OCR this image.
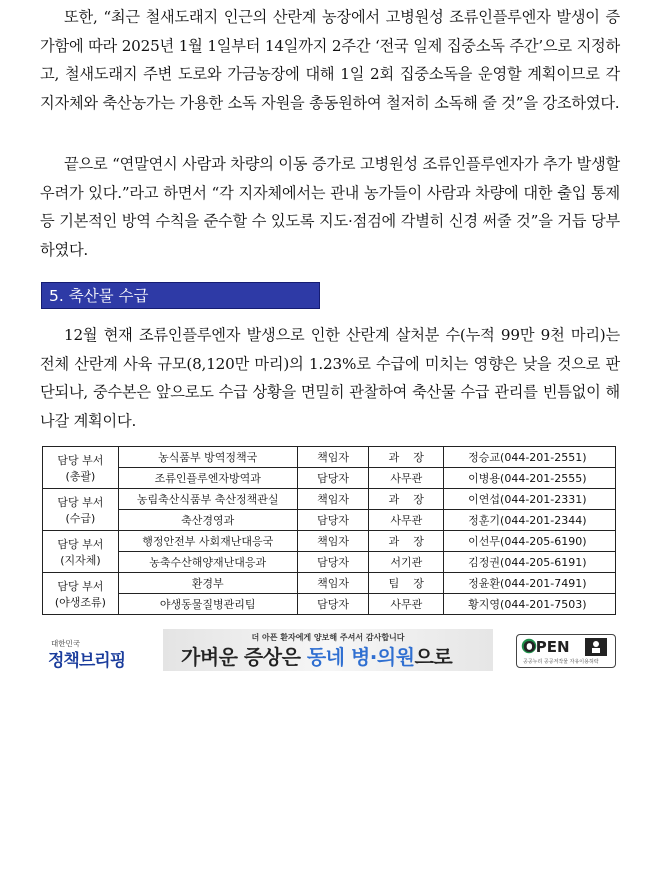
또한, “최근 철새도래지 인근의 산란계 농장에서 고병원성 조류인플루엔자 발생이 증가함에 따라 2025년 1월 1일부터 14일까지 2주간 ‘전국 일제 집중소독 주간’으로 지정하고, 철새도래지 주변 도로와 가금농장에 대해 1일 2회 집중소독을 운영할 계획이므로 각 지자체와 축산농가는 가용한 소독 자원을 총동원하여 철저히 소독해 줄 것”을 강조하였다.

끝으로 “연말연시 사람과 차량의 이동 증가로 고병원성 조류인플루엔자가 추가 발생할 우려가 있다.”라고 하면서 “각 지자체에서는 관내 농가들이 사람과 차량에 대한 출입 통제 등 기본적인 방역 수칙을 준수할 수 있도록 지도·점검에 각별히 신경 써줄 것”을 거듭 당부하였다.

5. 축산물 수급

12월 현재 조류인플루엔자 발생으로 인한 산란계 살처분 수(누적 99만 9천 마리)는 전체 산란계 사육 규모(8,120만 마리)의 1.23%로 수급에 미치는 영향은 낮을 것으로 판단되나, 중수본은 앞으로도 수급 상황을 면밀히 관찰하여 축산물 수급 관리를 빈틈없이 해 나갈 계획이다.

담당 부서
(총괄)	농식품부 방역정책국	책임자	과    장	정승교(044-201-2551)
	조류인플루엔자방역과	담당자	사무관	이병용(044-201-2555)

담당 부서
(수급)	농림축산식품부 축산정책관실	책임자	과    장	이연섭(044-201-2331)
	축산경영과	담당자	사무관	정훈기(044-201-2344)

담당 부서
(지자체)	행정안전부 사회재난대응국	책임자	과    장	이선무(044-205-6190)
	농축수산해양재난대응과	담당자	서기관	김정권(044-205-6191)

담당 부서
(야생조류)	환경부	책임자	팀    장	정윤환(044-201-7491)
	야생동물질병관리팀	담당자	사무관	황지영(044-201-7503)
대한민국
정책브리핑
더 아픈 환자에게 양보해 주셔서 감사합니다
가벼운 증상은 동네 병·의원으로	OPEN
공공누리 공공저작물 자유이용허락
